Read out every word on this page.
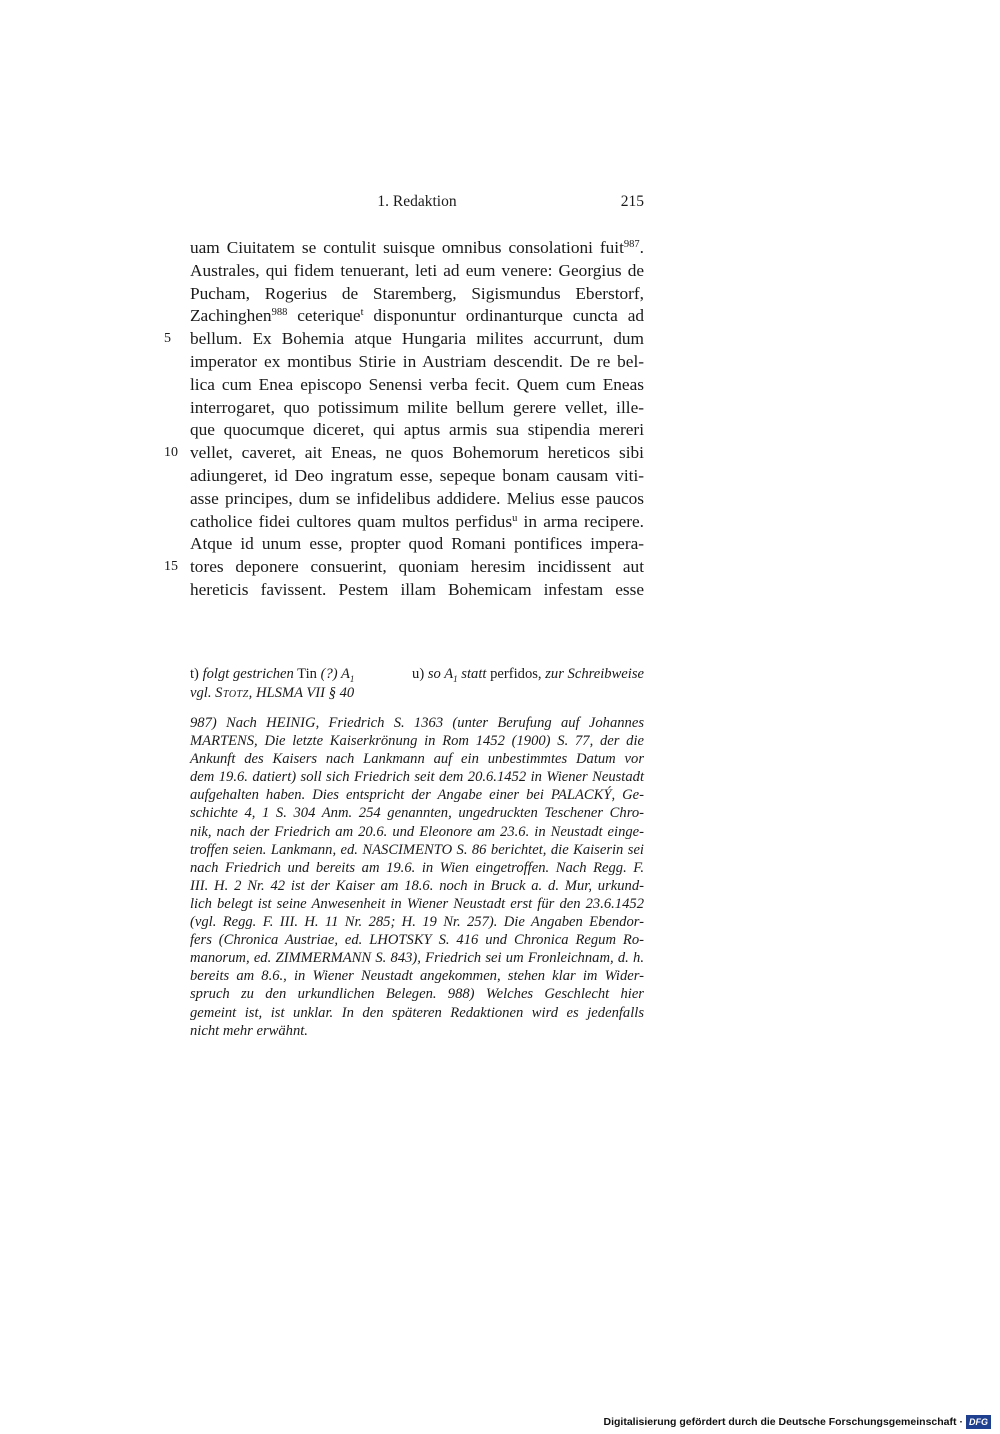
1. Redaktion	215
uam Ciuitatem se contulit suisque omnibus consolationi fuit$^{987}$.
Australes, qui fidem tenuerant, leti ad eum venere: Georgius de
Pucham, Rogerius de Staremberg, Sigismundus Eberstorf,
Zachinghen$^{988}$ ceterique$^t$ disponuntur ordinanturque cuncta ad
5 bellum. Ex Bohemia atque Hungaria milites accurrunt, dum
imperator ex montibus Stirie in Austriam descendit. De re bel-
lica cum Enea episcopo Senensi verba fecit. Quem cum Eneas
interrogaret, quo potissimum milite bellum gerere vellet, ille-
que quocumque diceret, qui aptus armis sua stipendia mereri
10 vellet, caveret, ait Eneas, ne quos Bohemorum hereticos sibi
adiungeret, id Deo ingratum esse, sepeque bonam causam viti-
asse principes, dum se infidelibus addidere. Melius esse paucos
catholice fidei cultores quam multos perfidus$^u$ in arma recipere.
Atque id unum esse, propter quod Romani pontifices impera-
15 tores deponere consuerint, quoniam heresim incidissent aut
hereticis favissent. Pestem illam Bohemicam infestam esse
t) folgt gestrichen Tin (?) $A_1$	u) so $A_1$ statt perfidos, zur Schreibweise
vgl. Stotz, HLSMA VII § 40
987) Nach HEINIG, Friedrich S. 1363 (unter Berufung auf Johannes
MARTENS, Die letzte Kaiserkrönung in Rom 1452 (1900) S. 77, der die
Ankunft des Kaisers nach Lankmann auf ein unbestimmtes Datum vor
dem 19.6. datiert) soll sich Friedrich seit dem 20.6.1452 in Wiener Neustadt
aufgehalten haben. Dies entspricht der Angabe einer bei PALACKÝ, Ge-
schichte 4, 1 S. 304 Anm. 254 genannten, ungedruckten Teschener Chro-
nik, nach der Friedrich am 20.6. und Eleonore am 23.6. in Neustadt einge-
troffen seien. Lankmann, ed. NASCIMENTO S. 86 berichtet, die Kaiserin sei
nach Friedrich und bereits am 19.6. in Wien eingetroffen. Nach Regg. F.
III. H. 2 Nr. 42 ist der Kaiser am 18.6. noch in Bruck a. d. Mur, urkund-
lich belegt ist seine Anwesenheit in Wiener Neustadt erst für den 23.6.1452
(vgl. Regg. F. III. H. 11 Nr. 285; H. 19 Nr. 257). Die Angaben Ebendor-
fers (Chronica Austriae, ed. LHOTSKY S. 416 und Chronica Regum Ro-
manorum, ed. ZIMMERMANN S. 843), Friedrich sei um Fronleichnam, d. h.
bereits am 8.6., in Wiener Neustadt angekommen, stehen klar im Wider-
spruch zu den urkundlichen Belegen. 988) Welches Geschlecht hier
gemeint ist, ist unklar. In den späteren Redaktionen wird es jedenfalls
nicht mehr erwähnt.
Digitalisierung gefördert durch die Deutsche Forschungsgemeinschaft · DFG
